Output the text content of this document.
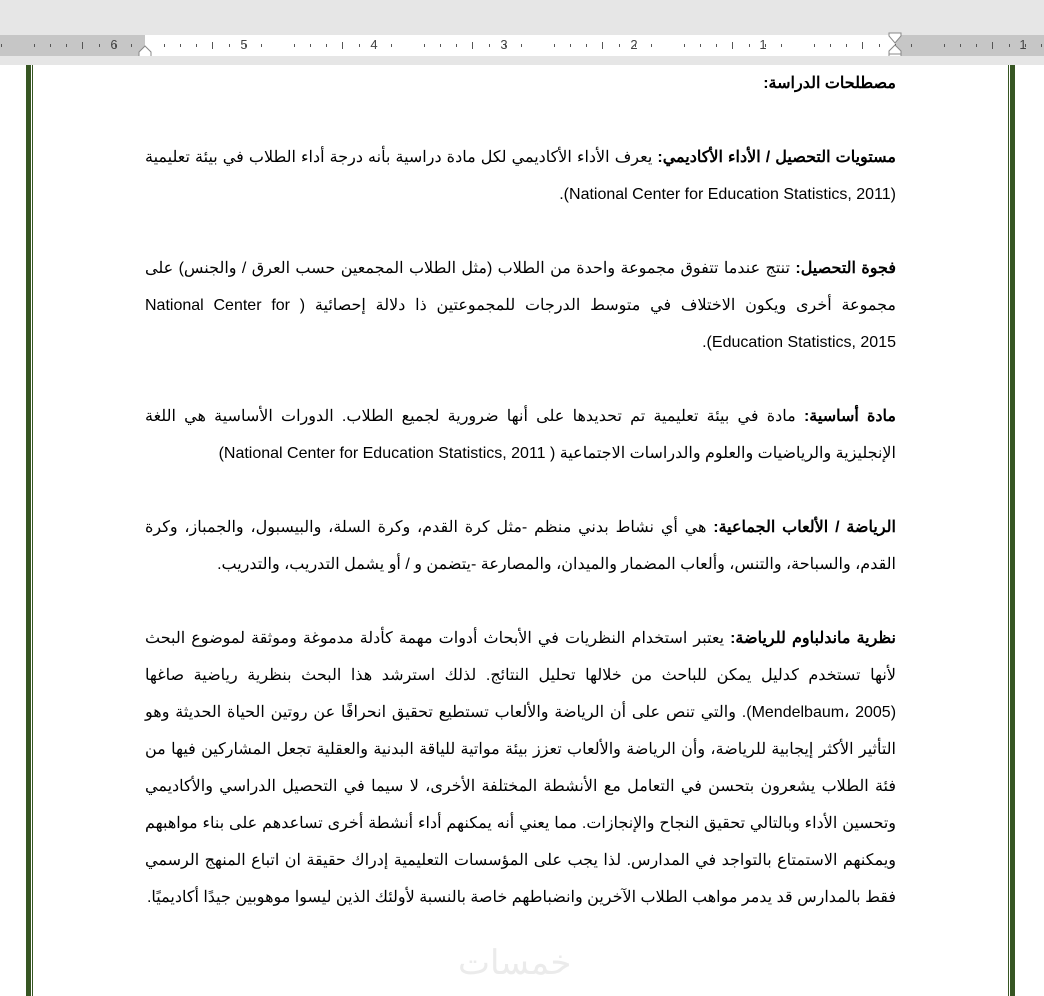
6	5	4	3	2	1	1

مصطلحات الدراسة:

مستويات التحصيل / الأداء الأكاديمي: يعرف الأداء الأكاديمي لكل مادة دراسية بأنه درجة أداء الطلاب في بيئة تعليمية (National Center for Education Statistics, 2011).

فجوة التحصيل: تنتج عندما تتفوق مجموعة واحدة من الطلاب (مثل الطلاب المجمعين حسب العرق / والجنس) على مجموعة أخرى ويكون الاختلاف في متوسط الدرجات للمجموعتين ذا دلالة إحصائية ( National Center for Education Statistics, 2015).

مادة أساسية: مادة في بيئة تعليمية تم تحديدها على أنها ضرورية لجميع الطلاب. الدورات الأساسية هي اللغة الإنجليزية والرياضيات والعلوم والدراسات الاجتماعية ( National Center for Education Statistics, 2011)

الرياضة / الألعاب الجماعية: هي أي نشاط بدني منظم -مثل كرة القدم، وكرة السلة، والبيسبول، والجمباز، وكرة القدم، والسباحة، والتنس، وألعاب المضمار والميدان، والمصارعة -يتضمن و / أو يشمل التدريب، والتدريب.

نظرية ماندلباوم للرياضة: يعتبر استخدام النظريات في الأبحاث أدوات مهمة كأدلة مدموغة وموثقة لموضوع البحث لأنها تستخدم كدليل يمكن للباحث من خلالها تحليل النتائج. لذلك استرشد هذا البحث بنظرية رياضية صاغها (Mendelbaum، 2005). والتي تنص على أن الرياضة والألعاب تستطيع تحقيق انحرافًا عن روتين الحياة الحديثة وهو التأثير الأكثر إيجابية للرياضة، وأن الرياضة والألعاب تعزز بيئة مواتية للياقة البدنية والعقلية تجعل المشاركين فيها من فئة الطلاب يشعرون بتحسن في التعامل مع الأنشطة المختلفة الأخرى، لا سيما في التحصيل الدراسي والأكاديمي وتحسين الأداء وبالتالي تحقيق النجاح والإنجازات. مما يعني أنه يمكنهم أداء أنشطة أخرى تساعدهم على بناء مواهبهم ويمكنهم الاستمتاع بالتواجد في المدارس. لذا يجب على المؤسسات التعليمية إدراك حقيقة ان اتباع المنهج الرسمي فقط بالمدارس قد يدمر مواهب الطلاب الآخرين وانضباطهم خاصة بالنسبة لأولئك الذين ليسوا موهوبين جيدًا أكاديميًا.

خمسات
